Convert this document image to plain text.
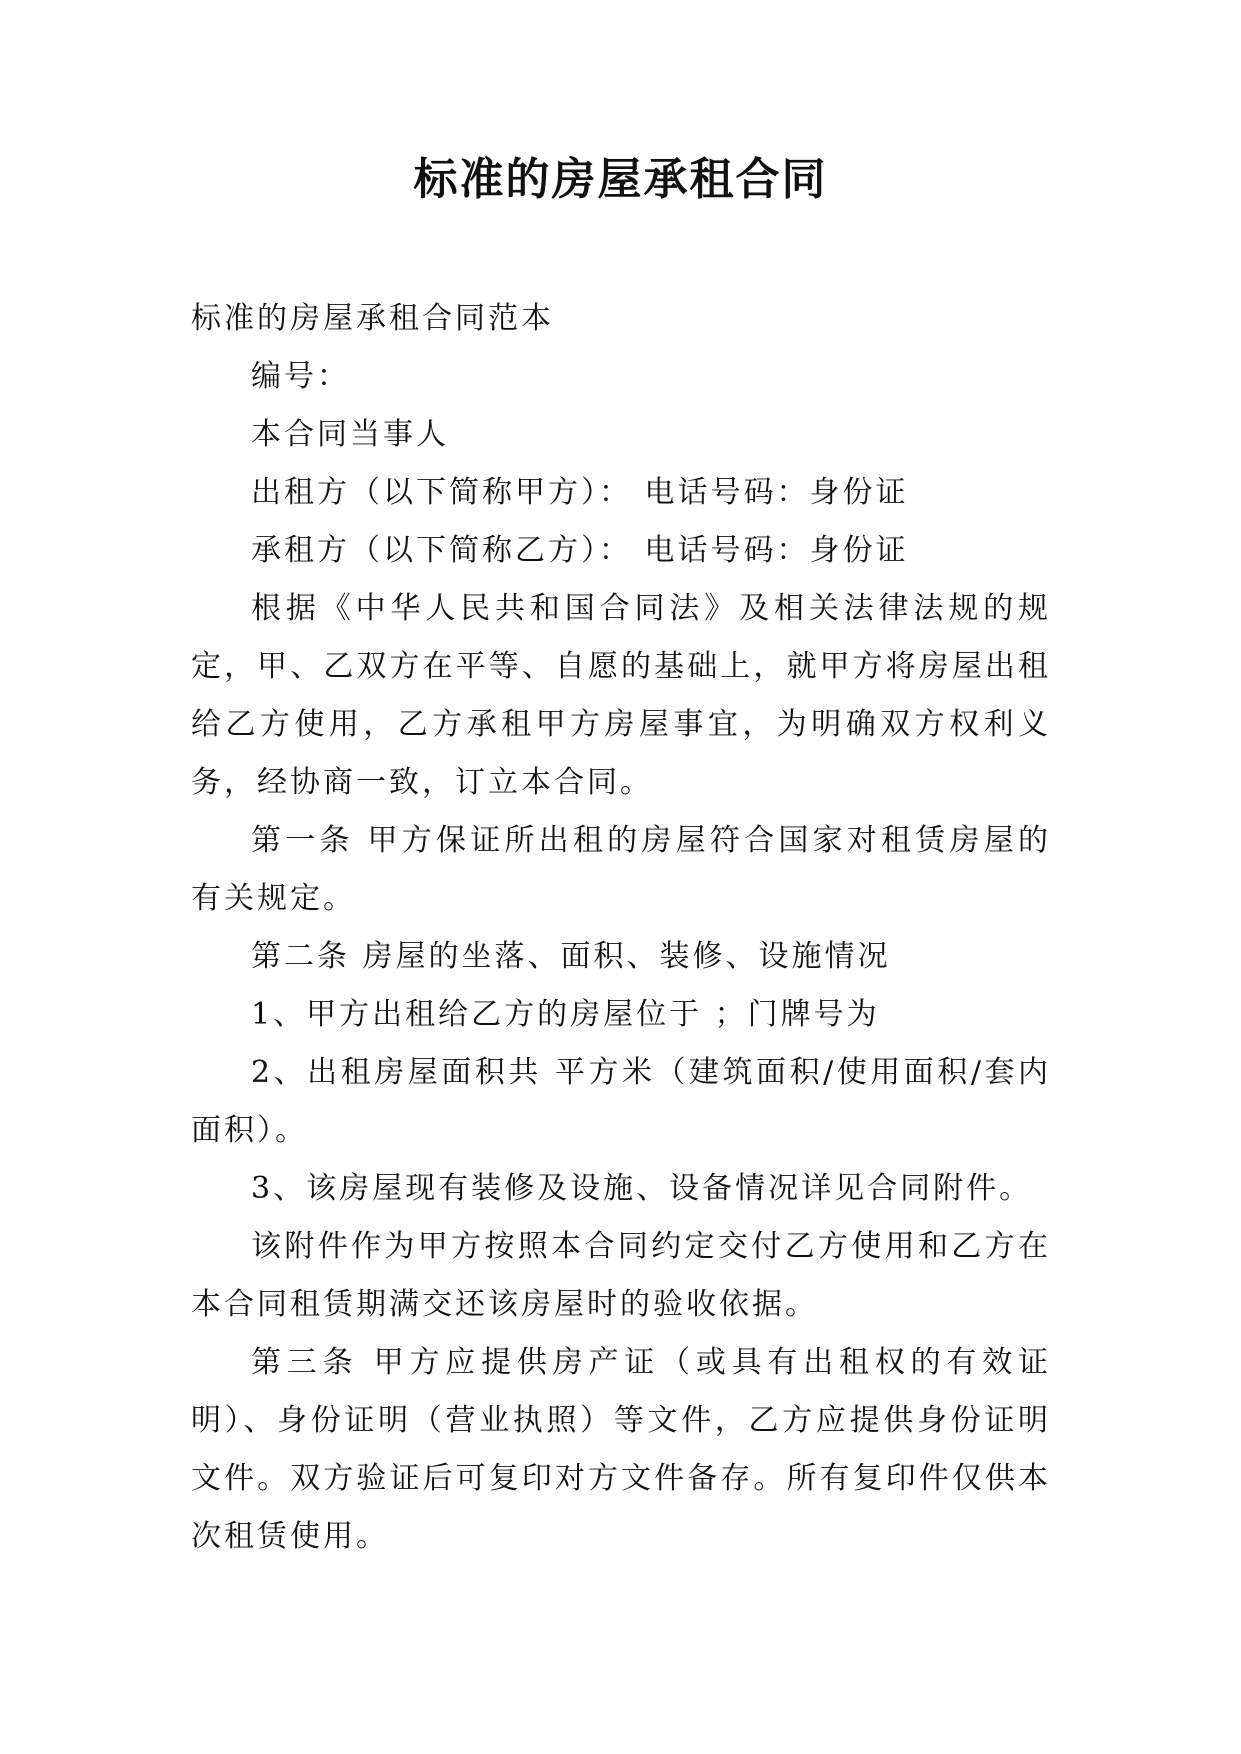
标准的房屋承租合同

标准的房屋承租合同范本

编号：

本合同当事人

出租方（以下简称甲方）： 电话号码：身份证

承租方（以下简称乙方）： 电话号码：身份证

根据《中华人民共和国合同法》及相关法律法规的规定，甲、乙双方在平等、自愿的基础上，就甲方将房屋出租给乙方使用，乙方承租甲方房屋事宜，为明确双方权利义务，经协商一致，订立本合同。

第一条 甲方保证所出租的房屋符合国家对租赁房屋的有关规定。

第二条 房屋的坐落、面积、装修、设施情况

1、甲方出租给乙方的房屋位于 ；门牌号为

2、出租房屋面积共 平方米（建筑面积/使用面积/套内面积）。

3、该房屋现有装修及设施、设备情况详见合同附件。

该附件作为甲方按照本合同约定交付乙方使用和乙方在本合同租赁期满交还该房屋时的验收依据。

第三条 甲方应提供房产证（或具有出租权的有效证明）、身份证明（营业执照）等文件，乙方应提供身份证明文件。双方验证后可复印对方文件备存。所有复印件仅供本次租赁使用。
